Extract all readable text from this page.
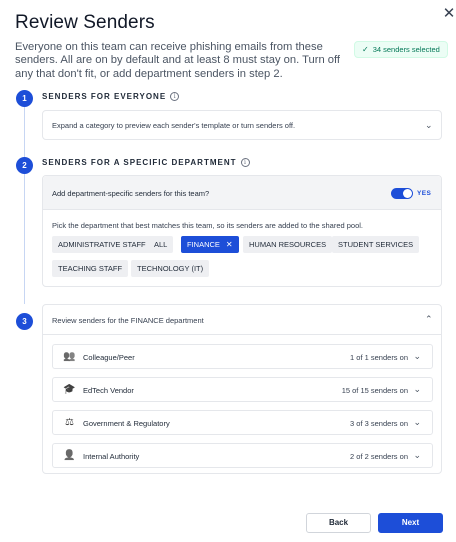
✕
Review Senders
Everyone on this team can receive phishing emails from these senders. All are on by default and at least 8 must stay on. Turn off any that don't fit, or add department senders in step 2.
✓ 34 senders selected
1	SENDERS FOR EVERYONE	i
Expand a category to preview each sender's template or turn senders off.	⌄
2	SENDERS FOR A SPECIFIC DEPARTMENT	i
Add department-specific senders for this team?	YES
Pick the department that best matches this team, so its senders are added to the shared pool.
ADMINISTRATIVE STAFF	ALL	FINANCE ✕	HUMAN RESOURCES	STUDENT SERVICES
TEACHING STAFF	TECHNOLOGY (IT)
3	Review senders for the FINANCE department	⌃
👥 Colleague/Peer	1 of 1 senders on ⌄
🎓 EdTech Vendor	15 of 15 senders on ⌄
⚖ Government & Regulatory	3 of 3 senders on ⌄
👤 Internal Authority	2 of 2 senders on ⌄
Back	Next
